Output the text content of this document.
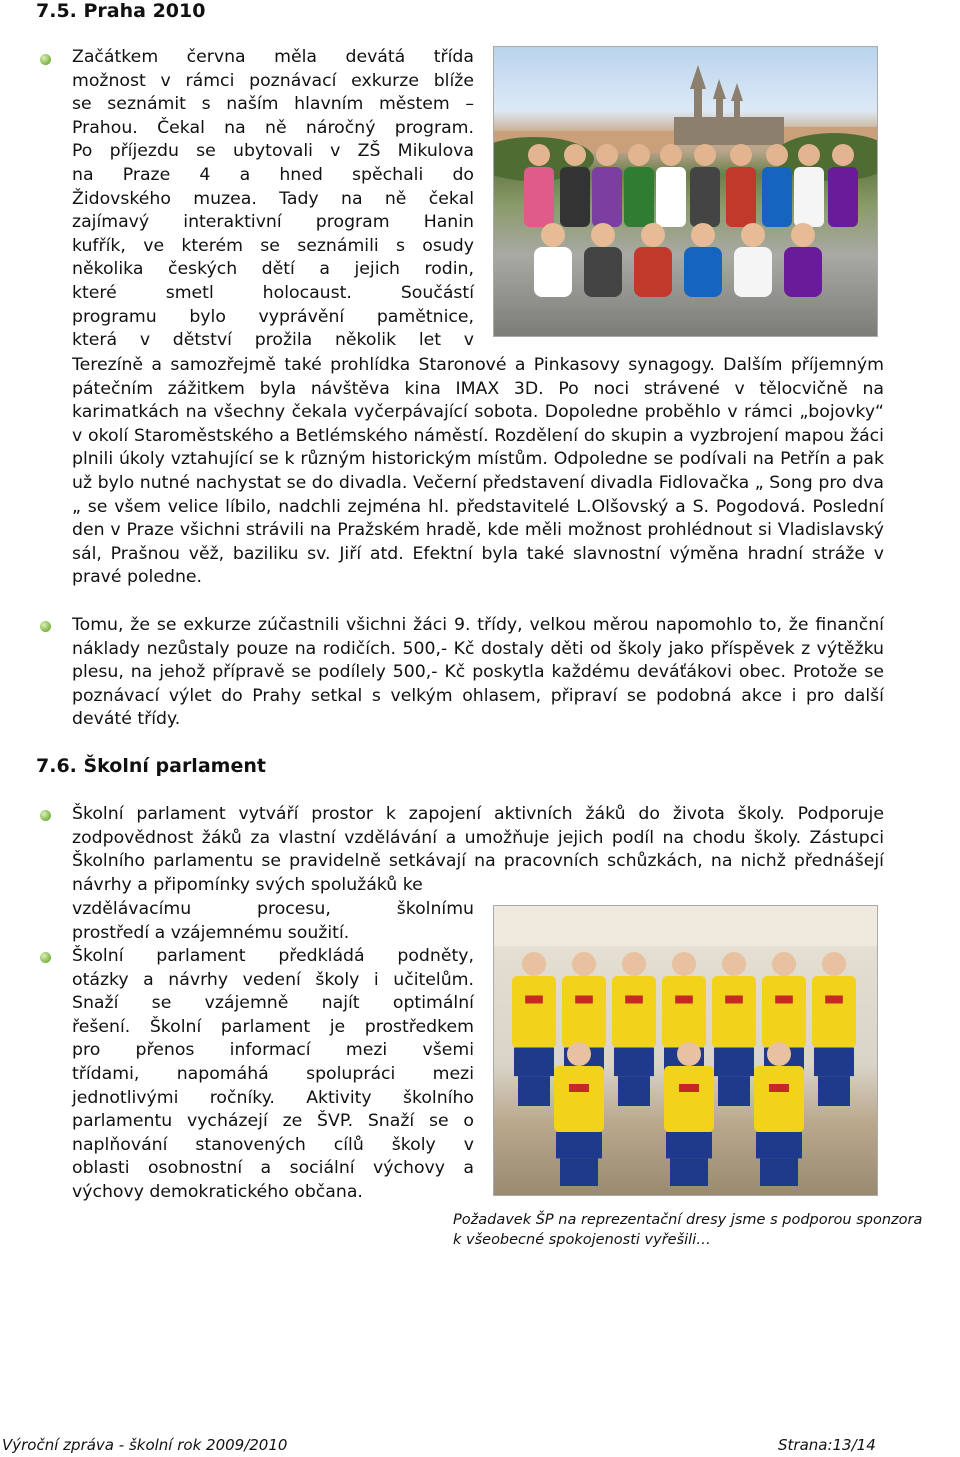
7.5. Praha 2010
Začátkem června měla devátá třída
možnost v rámci poznávací exkurze blíže
se seznámit s naším hlavním městem –
Prahou. Čekal na ně náročný program.
Po příjezdu se ubytovali v ZŠ Mikulova
na Praze 4 a hned spěchali do
Židovského muzea. Tady na ně čekal
zajímavý interaktivní program Hanin
kufřík, ve kterém se seznámili s osudy
několika českých dětí a jejich rodin,
které smetl holocaust. Součástí
programu bylo vyprávění pamětnice,
která v dětství prožila několik let v
Terezíně a samozřejmě také prohlídka Staronové a Pinkasovy synagogy. Dalším příjemným pátečním zážitkem byla návštěva kina IMAX 3D. Po noci strávené v tělocvičně na karimatkách na všechny čekala vyčerpávající sobota. Dopoledne proběhlo v rámci „bojovky“ v okolí Staroměstského a Betlémského náměstí. Rozdělení do skupin a vyzbrojení mapou žáci plnili úkoly vztahující se k různým historickým místům. Odpoledne se podívali na Petřín a pak už bylo nutné nachystat se do divadla. Večerní představení divadla Fidlovačka „ Song pro dva „ se všem velice líbilo, nadchli zejména hl. představitelé L.Olšovský a S. Pogodová. Poslední den v Praze všichni strávili na Pražském hradě, kde měli možnost prohlédnout si Vladislavský sál, Prašnou věž, baziliku sv. Jiří atd. Efektní byla také slavnostní výměna hradní stráže v pravé poledne.
Tomu, že se exkurze zúčastnili všichni žáci 9. třídy, velkou měrou napomohlo to, že finanční náklady nezůstaly pouze na rodičích. 500,- Kč dostaly děti od školy jako příspěvek z výtěžku plesu, na jehož přípravě se podílely 500,- Kč poskytla každému deváťákovi obec. Protože se poznávací výlet do Prahy setkal s velkým ohlasem, připraví se podobná akce i pro další deváté třídy.
7.6. Školní parlament
Školní parlament vytváří prostor k zapojení aktivních žáků do života školy. Podporuje zodpovědnost žáků za vlastní vzdělávání a umožňuje jejich podíl na chodu školy. Zástupci Školního parlamentu se pravidelně setkávají na pracovních schůzkách, na nichž přednášejí návrhy a připomínky svých spolužáků ke
vzdělávacímu procesu, školnímu
prostředí a vzájemnému soužití.
Školní parlament předkládá podněty,
otázky a návrhy vedení školy i učitelům.
Snaží se vzájemně najít optimální
řešení. Školní parlament je prostředkem
pro přenos informací mezi všemi
třídami, napomáhá spolupráci mezi
jednotlivými ročníky. Aktivity školního
parlamentu vycházejí ze ŠVP. Snaží se o
naplňování stanovených cílů školy v
oblasti osobnostní a sociální výchovy a
výchovy demokratického občana.
Požadavek ŠP na reprezentační dresy jsme s podporou sponzora
k všeobecné spokojenosti vyřešili…
Výroční zpráva - školní rok 2009/2010	Strana:13/14
